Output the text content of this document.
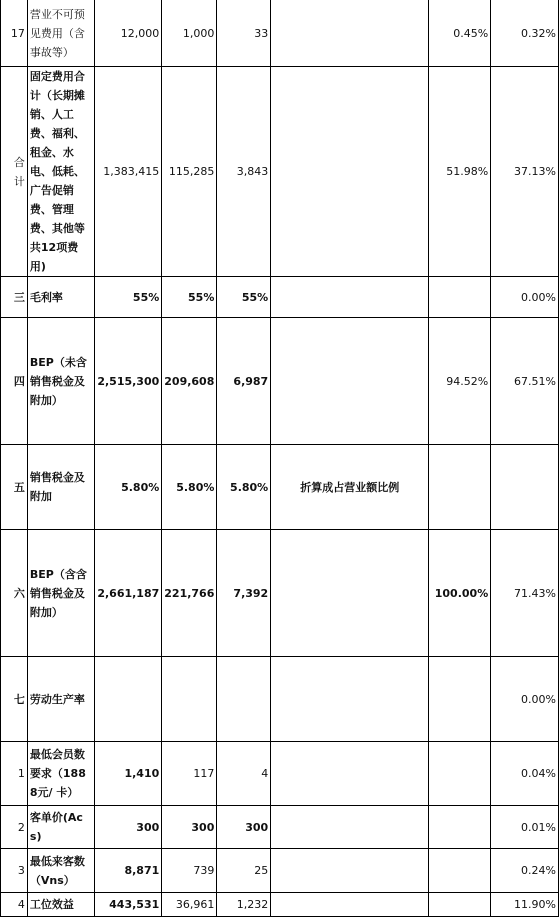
17	营业不可预见费用（含事故等）	12,000	1,000	33		0.45%	0.32%
合计	固定费用合计（长期摊销、人工费、福利、租金、水电、低耗、广告促销费、管理费、其他等共12项费用)	1,383,415	115,285	3,843		51.98%	37.13%
三	毛利率	55%	55%	55%			0.00%
四	BEP（未含销售税金及附加）	2,515,300	209,608	6,987		94.52%	67.51%
五	销售税金及附加	5.80%	5.80%	5.80%	折算成占营业额比例		
六	BEP（含含销售税金及附加）	2,661,187	221,766	7,392		100.00%	71.43%
七	劳动生产率						0.00%
1	最低会员数要求（1888元/ 卡）	1,410	117	4			0.04%
2	客单价(Acs)	300	300	300			0.01%
3	最低来客数（Vns）	8,871	739	25			0.24%
4	工位效益	443,531	36,961	1,232			11.90%
